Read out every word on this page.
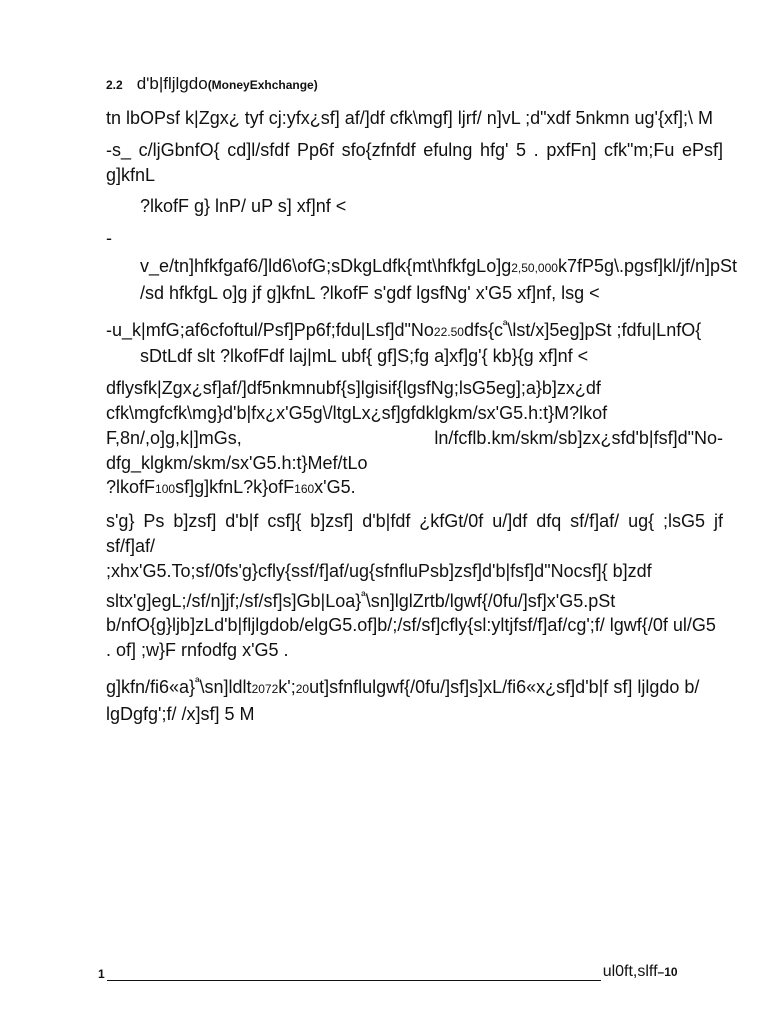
2.2 d'b|fljlgdo(MoneyExhchange)

tn lbOPsf k|Zgx¿ tyf cj:yfx¿sf] af/]df cfk\mgf] ljrf/ n]vL ;d"xdf 5nkmn ug'{xf];\ M

-s_ c/ljGbnfO{ cd]l/sfdf Pp6f sfo{zfnfdf efulng hfg' 5 . pxfFn] cfk"m;Fu ePsf] g]kfnL

?lkofF g} lnP/ uP s] xf]nf <

-

v_e/tn]hfkfgaf6/]ld6\ofG;sDkgLdfk{mt\hfkfgLo]g2,50,000k7fP5g\.pgsf]kl/jf/n]pSt /sd hfkfgL o]g jf g]kfnL ?lkofF s'gdf lgsfNg' x'G5 xf]nf, lsg <

$-u\_k|mfG;af6cfoftul/Psf]Pp6f;fdu|Lsf]d"No22.50dfs\{c^ª\backslash lst/x]5eg]pSt$ ;fdfu|LnfO{ sDtLdf slt ?lkofFdf laj|mL ubf{ gf]S;fg a]xf]g'{ kb}{g xf]nf <

dflysfk|Zgx¿sf]af/]df5nkmnubf{s]lgisif{lgsfNg;lsG5eg];a}b]zx¿df cfk\mgfcfk\mg}d'b|fx¿x'G5g\/ltgLx¿sf]gfdklgkm/sx'G5.h:t}M?lkof F,8n/,o]g,k|]mGs,	ln/fcflb.km/skm/sb]zx¿sfd'b|fsf]d"No- dfg_klgkm/skm/sx'G5.h:t}Mef/tLo
?lkofF100sf]g]kfnL?k}ofF160x'G5.

s'g} Ps b]zsf] d'b|f csf]{ b]zsf] d'b|fdf ¿kfGt/0f u/]df dfq sf/f]af/ ug{ ;lsG5 jf sf/f]af/

;xhx'G5.To;sf/0fs'g}cfly{ssf/f]af/ug{sfnfluPsb]zsf]d'b|fsf]d"Nocsf]{ b]zdf

sltx'g]egL;/sf/n]jf;/sf/sf]s]Gb|Loa}$^ª$\sn]lglZrtb/lgwf{/0fu/]sf]x'G5.pSt b/nfO{g}ljb]zLd'b|fljlgdob/elgG5.of]b/;/sf/sf]cfly{sl:yltjfsf/f]af/cg';f/ lgwf{/0f ul/G5 . of] ;w}F rnfodfg x'G5 .

g]kfn/fi6«a}$^ª$\sn]ldlt2072k';20ut]sfnflulgwf{/0fu/]sf]s]xL/fi6«x¿sf]d'b|f sf] ljlgdo b/ lgDgfg';f/ /x]sf] 5 M

1	ul0ft,slff–10
